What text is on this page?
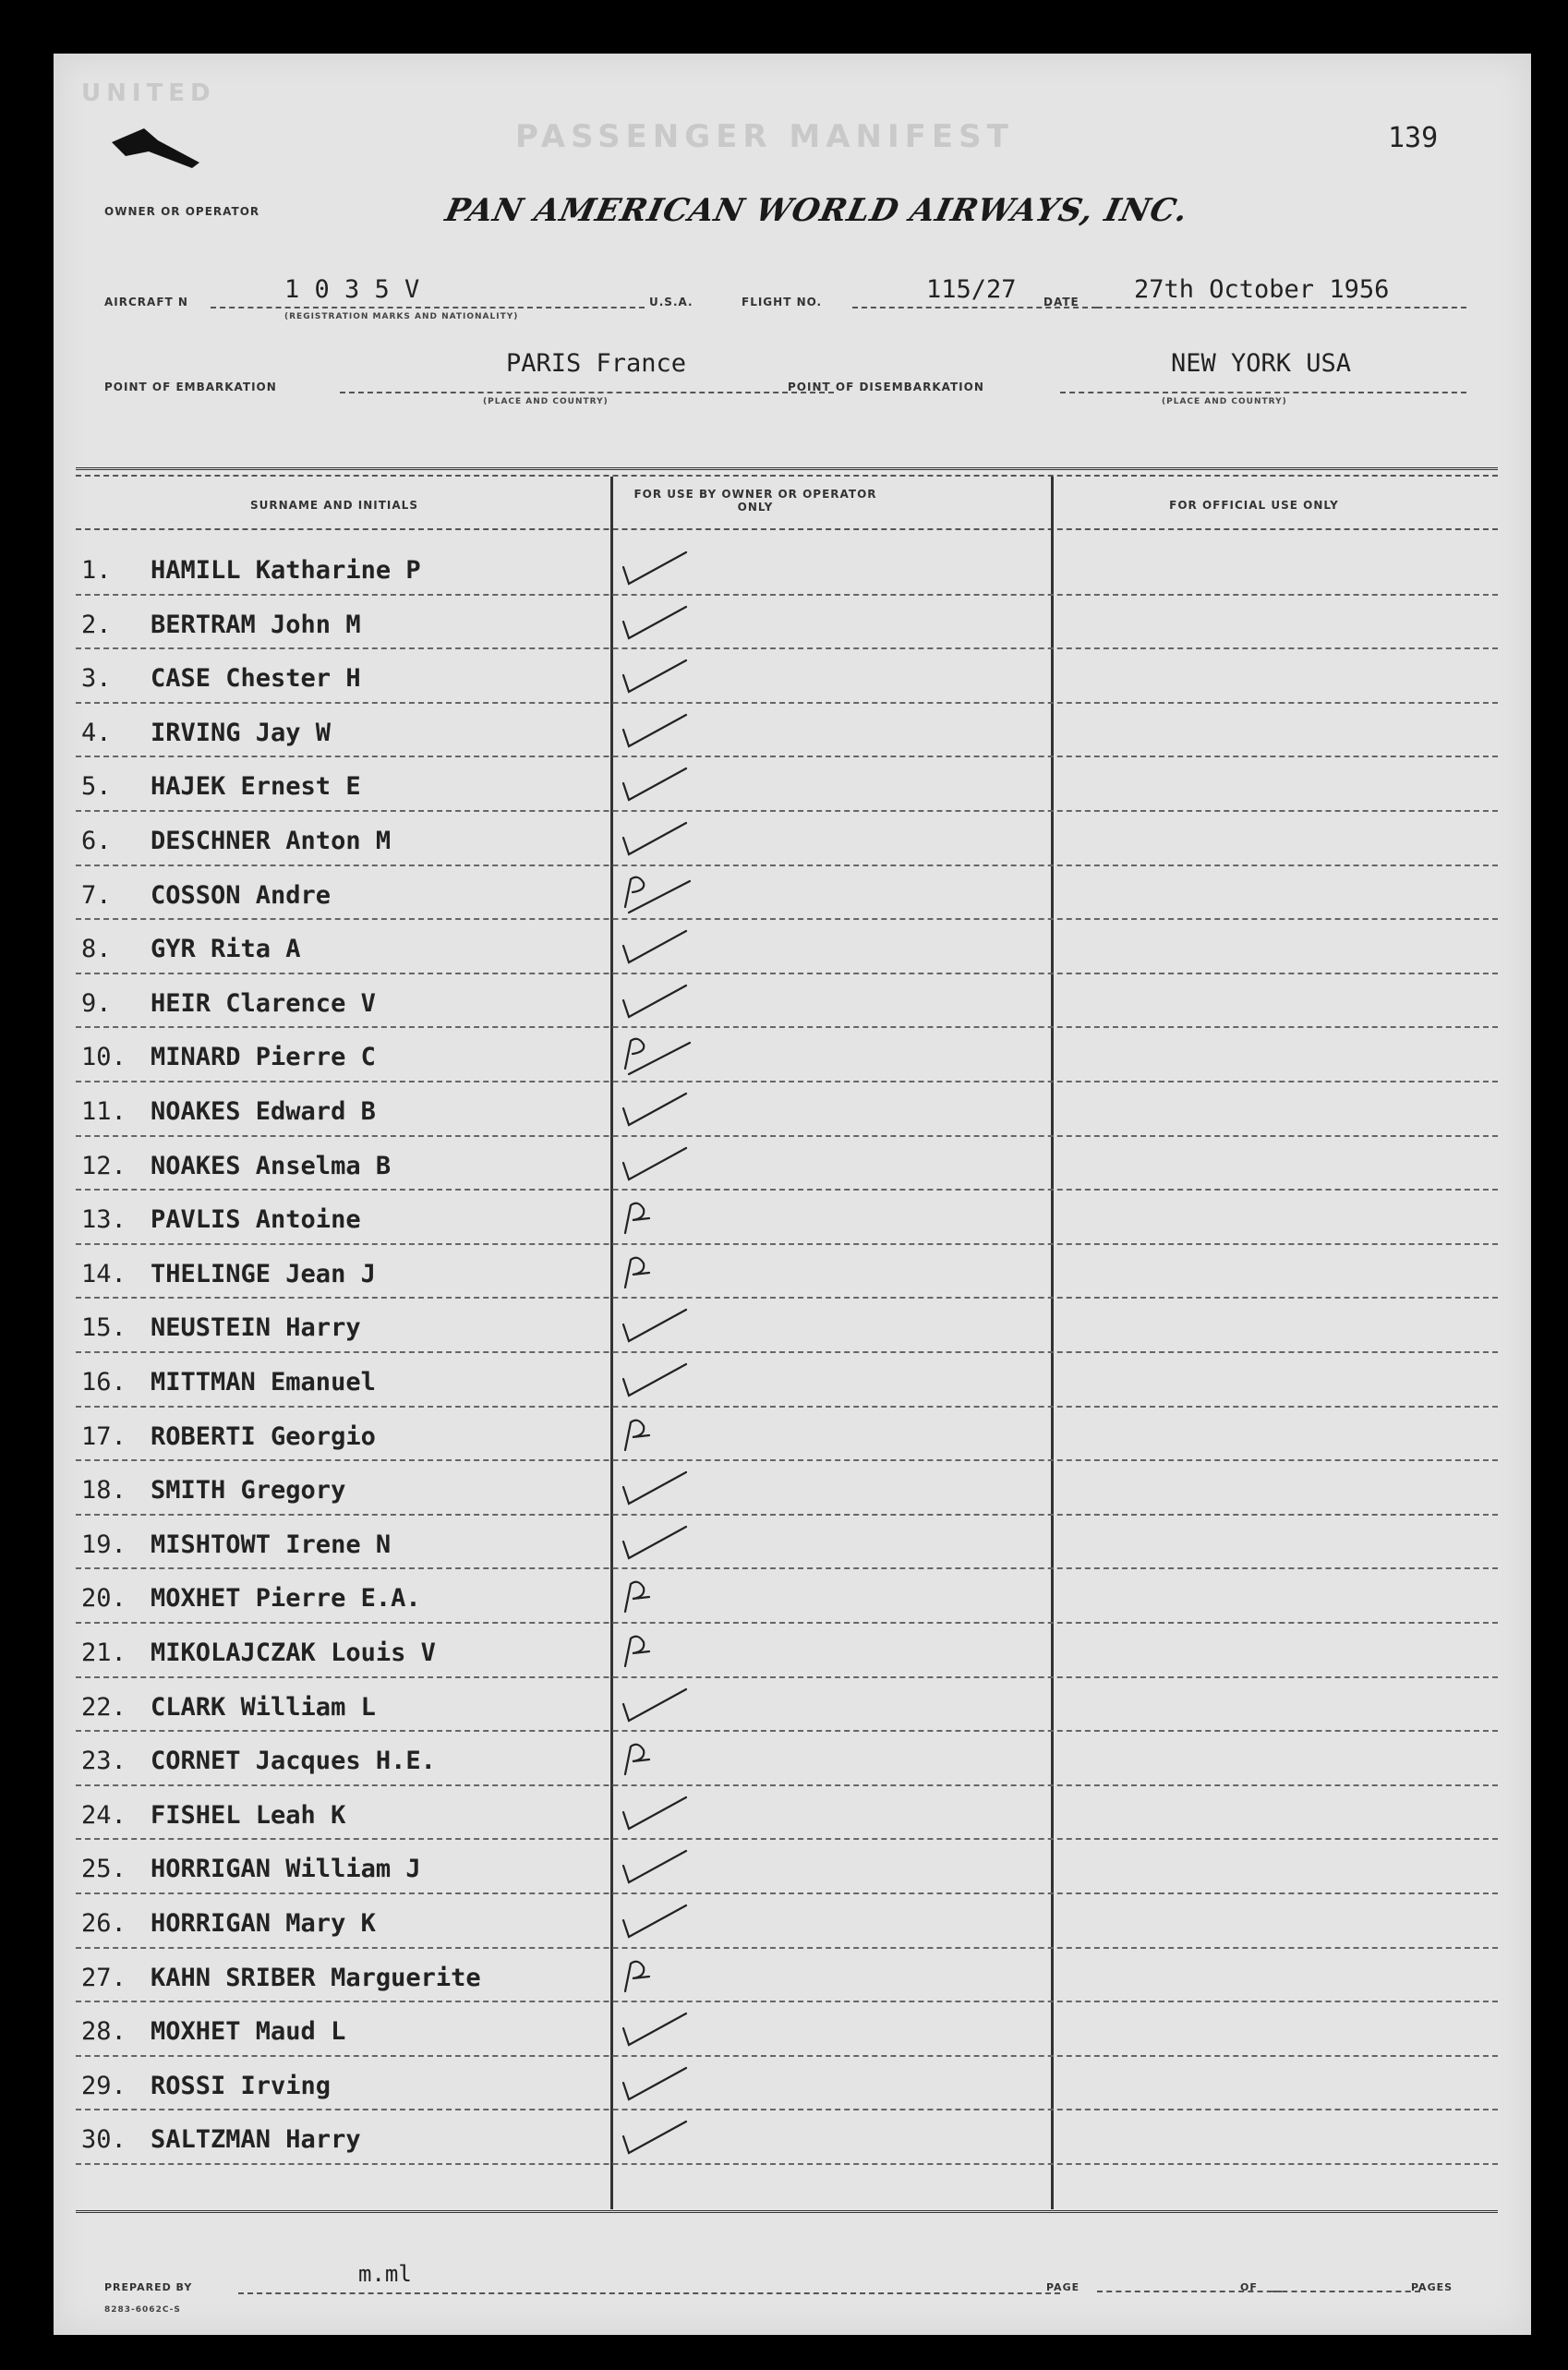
UNITED
PASSENGER MANIFEST
OWNER OR OPERATOR	PAN AMERICAN WORLD AIRWAYS, INC.
139
AIRCRAFT N	1 0 3 5 V
(REGISTRATION MARKS AND NATIONALITY)
U.S.A.	FLIGHT NO.	115/27	DATE	27th October 1956
POINT OF EMBARKATION
PARIS France
(PLACE AND COUNTRY)
POINT OF DISEMBARKATION
NEW YORK USA
(PLACE AND COUNTRY)
SURNAME AND INITIALS
FOR USE BY OWNER OR OPERATOR ONLY	FOR OFFICIAL USE ONLY
1.	HAMILL Katharine P
2.	BERTRAM John M
3.	CASE Chester H
4.	IRVING Jay W
5.	HAJEK Ernest E
6.	DESCHNER Anton M
7.	COSSON Andre
8.	GYR Rita A
9.	HEIR Clarence V
10. MINARD Pierre C
11. NOAKES Edward B
12. NOAKES Anselma B
13. PAVLIS Antoine
14. THELINGE Jean J
15. NEUSTEIN Harry
16. MITTMAN Emanuel
17. ROBERTI Georgio
18. SMITH Gregory
19. MISHTOWT Irene N
20. MOXHET Pierre E.A.
21. MIKOLAJCZAK Louis V
22. CLARK William L
23. CORNET Jacques H.E.
24. FISHEL Leah K
25. HORRIGAN William J
26. HORRIGAN Mary K
27. KAHN SRIBER Marguerite
28. MOXHET Maud L
29. ROSSI Irving
30. SALTZMAN Harry
PREPARED BY
m.ml
PAGE	OF	PAGES
8283-6062C-S
